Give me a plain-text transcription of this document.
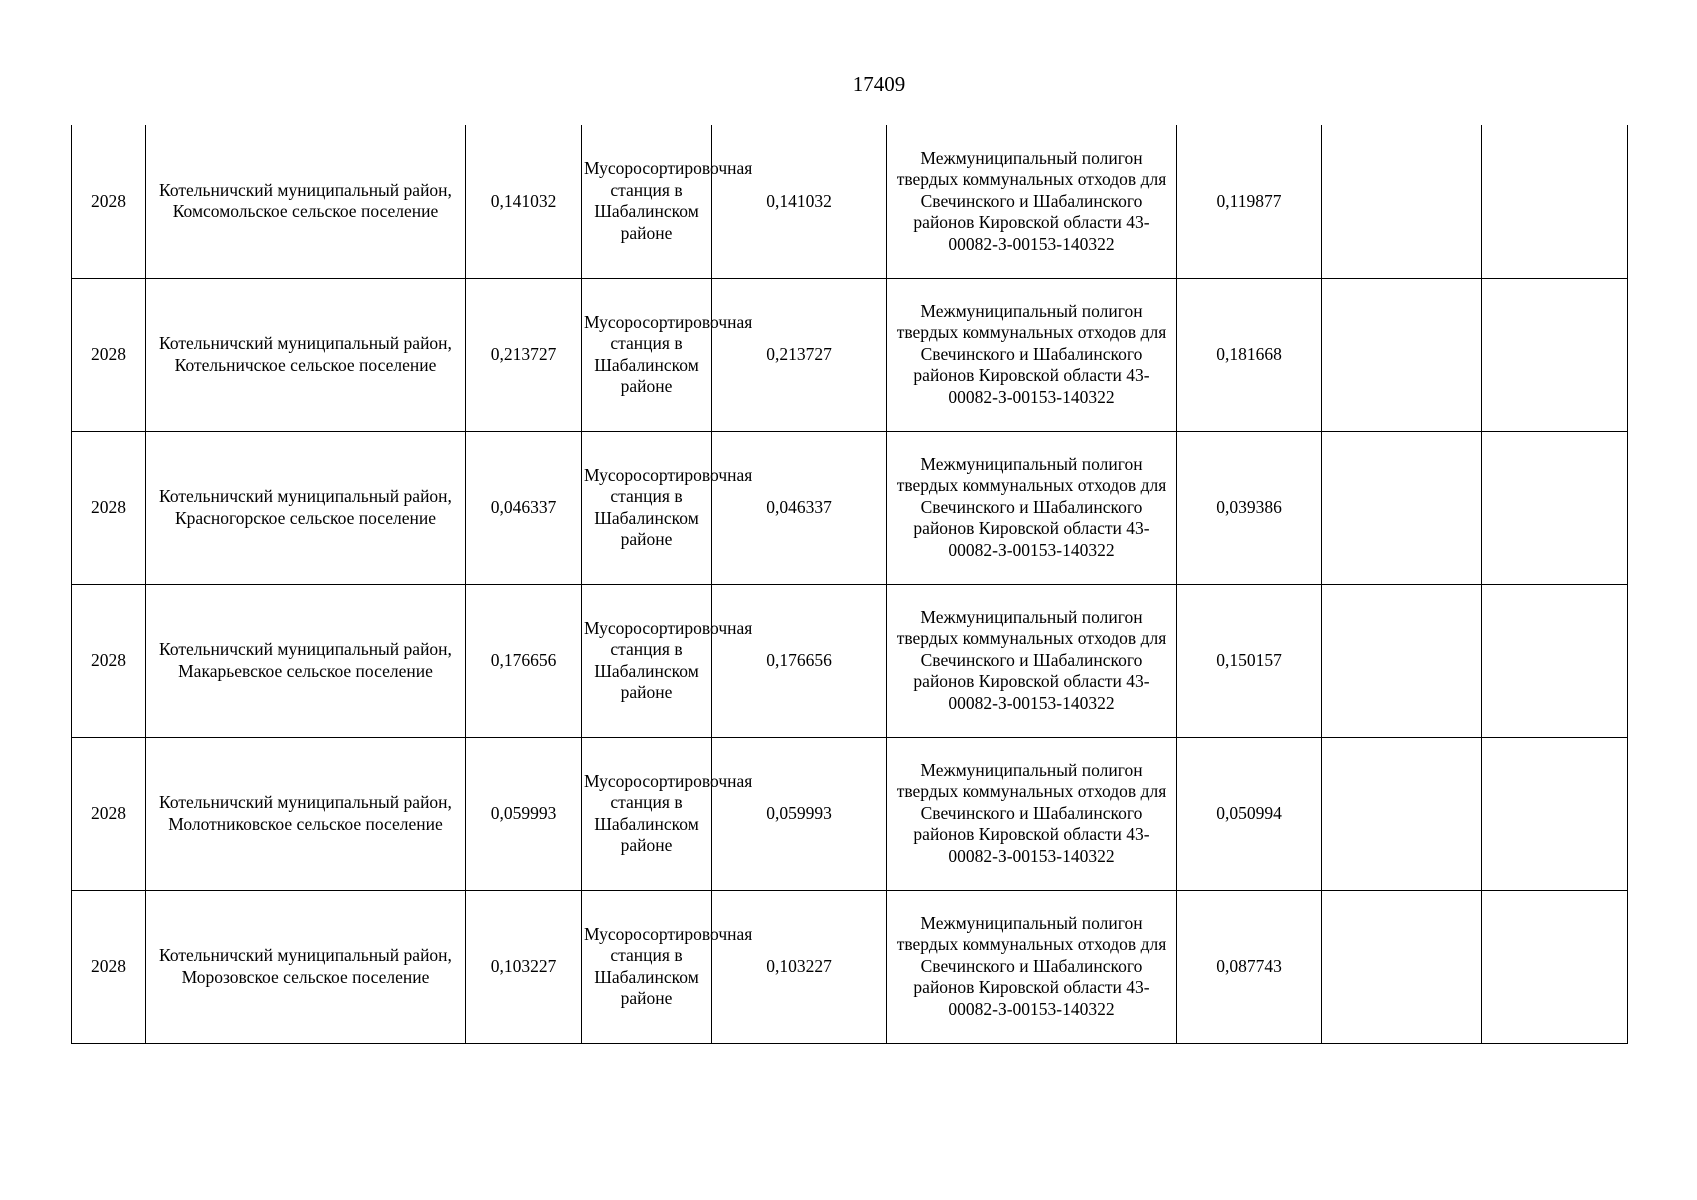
17409
2028	Котельничский муниципальный район, Комсомольское сельское поселение	0,141032	Мусоросортировочная станция в Шабалинском районе	0,141032	Межмуниципальный полигон твердых коммунальных отходов для Свечинского и Шабалинского районов Кировской области 43-00082-З-00153-140322	0,119877		
2028	Котельничский муниципальный район, Котельничское сельское поселение	0,213727	Мусоросортировочная станция в Шабалинском районе	0,213727	Межмуниципальный полигон твердых коммунальных отходов для Свечинского и Шабалинского районов Кировской области 43-00082-З-00153-140322	0,181668		
2028	Котельничский муниципальный район, Красногорское сельское поселение	0,046337	Мусоросортировочная станция в Шабалинском районе	0,046337	Межмуниципальный полигон твердых коммунальных отходов для Свечинского и Шабалинского районов Кировской области 43-00082-З-00153-140322	0,039386		
2028	Котельничский муниципальный район, Макарьевское сельское поселение	0,176656	Мусоросортировочная станция в Шабалинском районе	0,176656	Межмуниципальный полигон твердых коммунальных отходов для Свечинского и Шабалинского районов Кировской области 43-00082-З-00153-140322	0,150157		
2028	Котельничский муниципальный район, Молотниковское сельское поселение	0,059993	Мусоросортировочная станция в Шабалинском районе	0,059993	Межмуниципальный полигон твердых коммунальных отходов для Свечинского и Шабалинского районов Кировской области 43-00082-З-00153-140322	0,050994		
2028	Котельничский муниципальный район, Морозовское сельское поселение	0,103227	Мусоросортировочная станция в Шабалинском районе	0,103227	Межмуниципальный полигон твердых коммунальных отходов для Свечинского и Шабалинского районов Кировской области 43-00082-З-00153-140322	0,087743		
